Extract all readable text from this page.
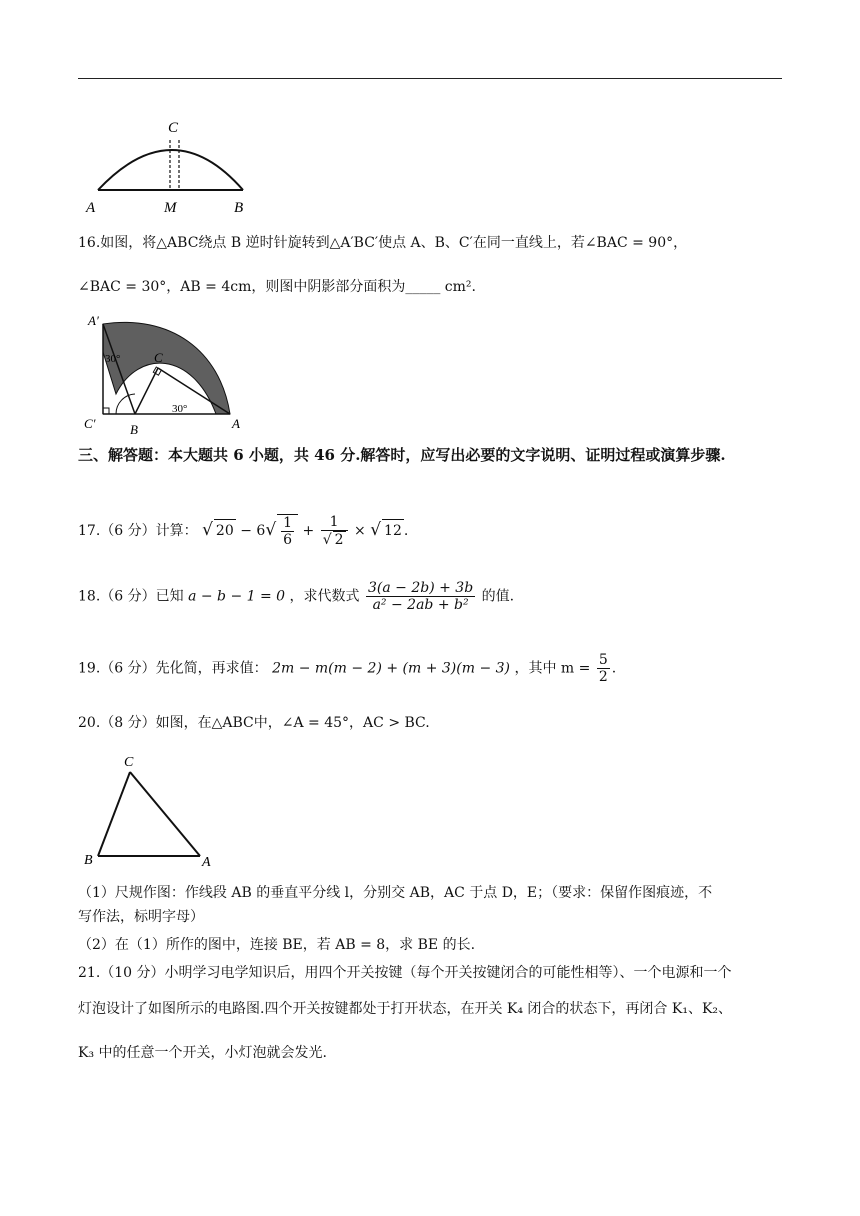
C
A	M	B
16.如图，将△ABC绕点 B 逆时针旋转到△A′BC′使点 A、B、C′在同一直线上，若∠BAC = 90°，
∠BAC = 30°，AB = 4cm，则图中阴影部分面积为_____ cm².
A′
C′	B
C
A
30°
30°
三、解答题：本大题共 6 小题，共 46 分.解答时，应写出必要的文字说明、证明过程或演算步骤.
17.（6 分）计算： √ $20 - 6√ \frac{1}{6} + \frac{1}{√ 2}$ × √ 12 .
18.（6 分）已知 a − b − 1 = 0 ，求代数式 $\frac{3(a - 2b) + 3b}{\text{a² − 2ab + b²}}$ 的值.
19.（6 分）先化简，再求值： 2m − m(m − 2) + (m + 3)(m − 3) ，其中 $m = \frac{5}{2}$ .
20.（8 分）如图，在△ABC中，∠A = 45°，AC > BC.
C
B	A
（1）尺规作图：作线段 AB 的垂直平分线 l，分别交 AB，AC 于点 D，E；（要求：保留作图痕迹，不
写作法，标明字母）
（2）在（1）所作的图中，连接 BE，若 AB = 8，求 BE 的长.
21.（10 分）小明学习电学知识后，用四个开关按键（每个开关按键闭合的可能性相等）、一个电源和一个
灯泡设计了如图所示的电路图.四个开关按键都处于打开状态，在开关 K₄ 闭合的状态下，再闭合 K₁、K₂、
K₃ 中的任意一个开关，小灯泡就会发光.
